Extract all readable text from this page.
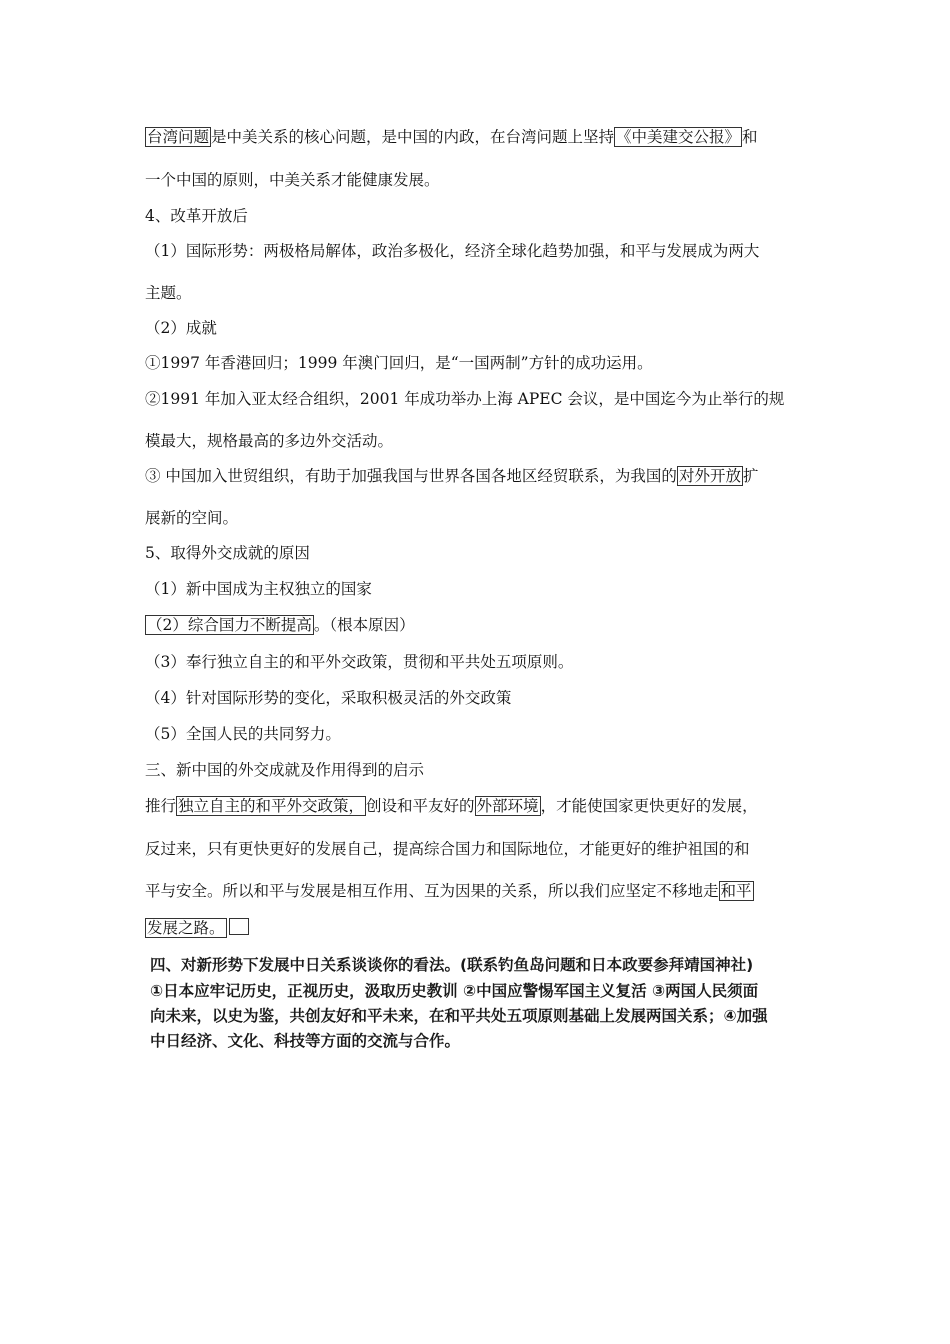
台湾问题 是中美关系的核心问题，是中国的内政，在台湾问题上坚持 《中美建交公报》 和
一个中国的原则，中美关系才能健康发展。
4、改革开放后
（1）国际形势：两极格局解体，政治多极化，经济全球化趋势加强，和平与发展成为两大
主题。
（2）成就
①1997 年香港回归；1999 年澳门回归，是“一国两制”方针的成功运用。
②1991 年加入亚太经合组织，2001 年成功举办上海 APEC 会议，是中国迄今为止举行的规
模最大，规格最高的多边外交活动。
③ 中国加入世贸组织，有助于加强我国与世界各国各地区经贸联系，为我国的 对外开放 扩
展新的空间。
5、取得外交成就的原因
（1）新中国成为主权独立的国家
（2）综合国力不断提高 。（根本原因）
（3）奉行独立自主的和平外交政策，贯彻和平共处五项原则。
（4）针对国际形势的变化，采取积极灵活的外交政策
（5）全国人民的共同努力。
三、新中国的外交成就及作用得到的启示
推行 独立自主的和平外交政策， 创设和平友好的 外部环境 ，才能使国家更快更好的发展，
反过来，只有更快更好的发展自己，提高综合国力和国际地位，才能更好的维护祖国的和
平与安全。所以和平与发展是相互作用、互为因果的关系，所以我们应坚定不移地走 和平
发展之路。
四、对新形势下发展中日关系谈谈你的看法。(联系钓鱼岛问题和日本政要参拜靖国神社)
①日本应牢记历史，正视历史，汲取历史教训 ②中国应警惕军国主义复活 ③两国人民须面
向未来，以史为鉴，共创友好和平未来，在和平共处五项原则基础上发展两国关系；④加强
中日经济、文化、科技等方面的交流与合作。
